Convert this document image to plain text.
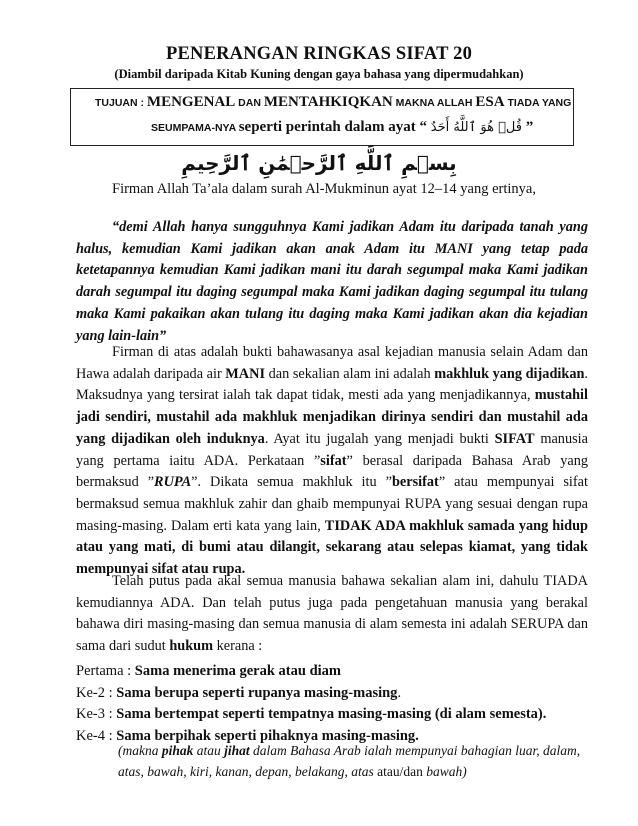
PENERANGAN RINGKAS SIFAT 20
(Diambil daripada Kitab Kuning dengan gaya bahasa yang dipermudahkan)
TUJUAN : MENGENAL DAN MENTAHKIQKAN MAKNA ALLAH ESA TIADA YANG
SEUMPAMA-NYA seperti perintah dalam ayat “ قُلۡ هُوَ ٱللَّهُ أَحَدٌ ”
بِسۡمِ ٱللَّهِ ٱلرَّحۡمَٰنِ ٱلرَّحِيمِ
Firman Allah Ta’ala dalam surah Al-Mukminun ayat 12–14 yang ertinya,
“demi Allah hanya sungguhnya Kami jadikan Adam itu daripada tanah yang halus, kemudian Kami jadikan akan anak Adam itu MANI yang tetap pada ketetapannya kemudian Kami jadikan mani itu darah segumpal maka Kami jadikan darah segumpal itu daging segumpal maka Kami jadikan daging segumpal itu tulang maka Kami pakaikan akan tulang itu daging maka Kami jadikan akan dia kejadian yang lain-lain”
Firman di atas adalah bukti bahawasanya asal kejadian manusia selain Adam dan Hawa adalah daripada air MANI dan sekalian alam ini adalah makhluk yang dijadikan. Maksudnya yang tersirat ialah tak dapat tidak, mesti ada yang menjadikannya, mustahil jadi sendiri, mustahil ada makhluk menjadikan dirinya sendiri dan mustahil ada yang dijadikan oleh induknya. Ayat itu jugalah yang menjadi bukti SIFAT manusia yang pertama iaitu ADA. Perkataan ”sifat” berasal daripada Bahasa Arab yang bermaksud ”RUPA”. Dikata semua makhluk itu ”bersifat” atau mempunyai sifat bermaksud semua makhluk zahir dan ghaib mempunyai RUPA yang sesuai dengan rupa masing-masing. Dalam erti kata yang lain, TIDAK ADA makhluk samada yang hidup atau yang mati, di bumi atau dilangit, sekarang atau selepas kiamat, yang tidak mempunyai sifat atau rupa.
Telah putus pada akal semua manusia bahawa sekalian alam ini, dahulu TIADA kemudiannya ADA. Dan telah putus juga pada pengetahuan manusia yang berakal bahawa diri masing-masing dan semua manusia di alam semesta ini adalah SERUPA dan sama dari sudut hukum kerana :
Pertama : Sama menerima gerak atau diam
Ke-2 : Sama berupa seperti rupanya masing-masing.
Ke-3 : Sama bertempat seperti tempatnya masing-masing (di alam semesta).
Ke-4 : Sama berpihak seperti pihaknya masing-masing.
(makna pihak atau jihat dalam Bahasa Arab ialah mempunyai bahagian luar, dalam, atas, bawah, kiri, kanan, depan, belakang, atas atau/dan bawah)
